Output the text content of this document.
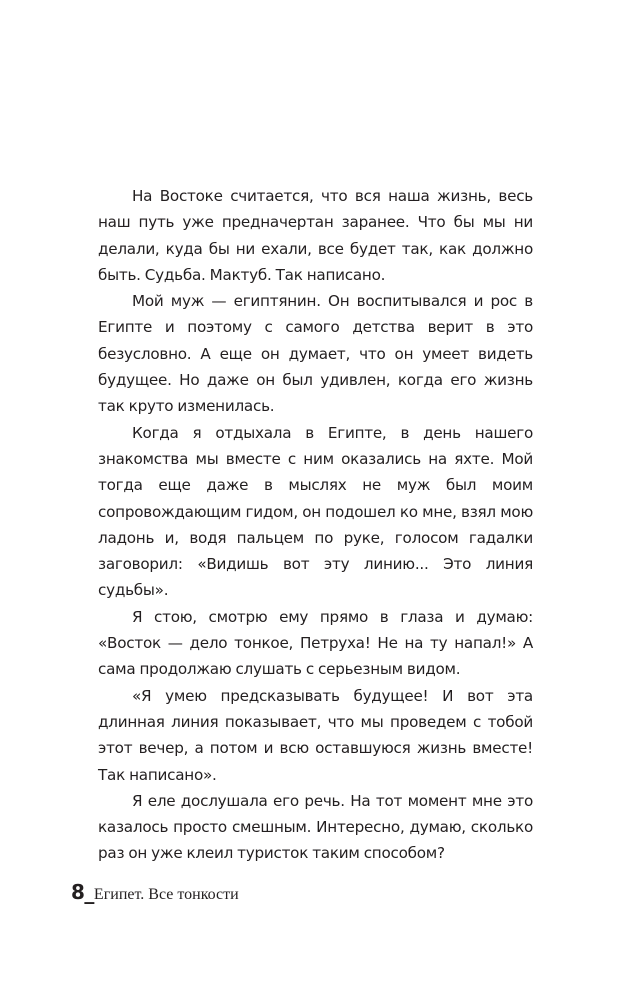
На Востоке считается, что вся наша жизнь, весь наш путь уже предначертан заранее. Что бы мы ни делали, куда бы ни ехали, все будет так, как должно быть. Судьба. Мактуб. Так написано.

Мой муж — египтянин. Он воспитывался и рос в Египте и поэтому с самого детства верит в это безусловно. А еще он думает, что он умеет видеть будущее. Но даже он был удивлен, когда его жизнь так круто изменилась.

Когда я отдыхала в Египте, в день нашего знакомства мы вместе с ним оказались на яхте. Мой тогда еще даже в мыслях не муж был моим сопровождающим гидом, он подошел ко мне, взял мою ладонь и, водя пальцем по руке, голосом гадалки заговорил: «Видишь вот эту линию... Это линия судьбы».

Я стою, смотрю ему прямо в глаза и думаю: «Восток — дело тонкое, Петруха! Не на ту напал!» А сама продолжаю слушать с серьезным видом.

«Я умею предсказывать будущее! И вот эта длинная линия показывает, что мы проведем с тобой этот вечер, а потом и всю оставшуюся жизнь вместе! Так написано».

Я еле дослушала его речь. На тот момент мне это казалось просто смешным. Интересно, думаю, сколько раз он уже клеил туристок таким способом?

8_Египет. Все тонкости
